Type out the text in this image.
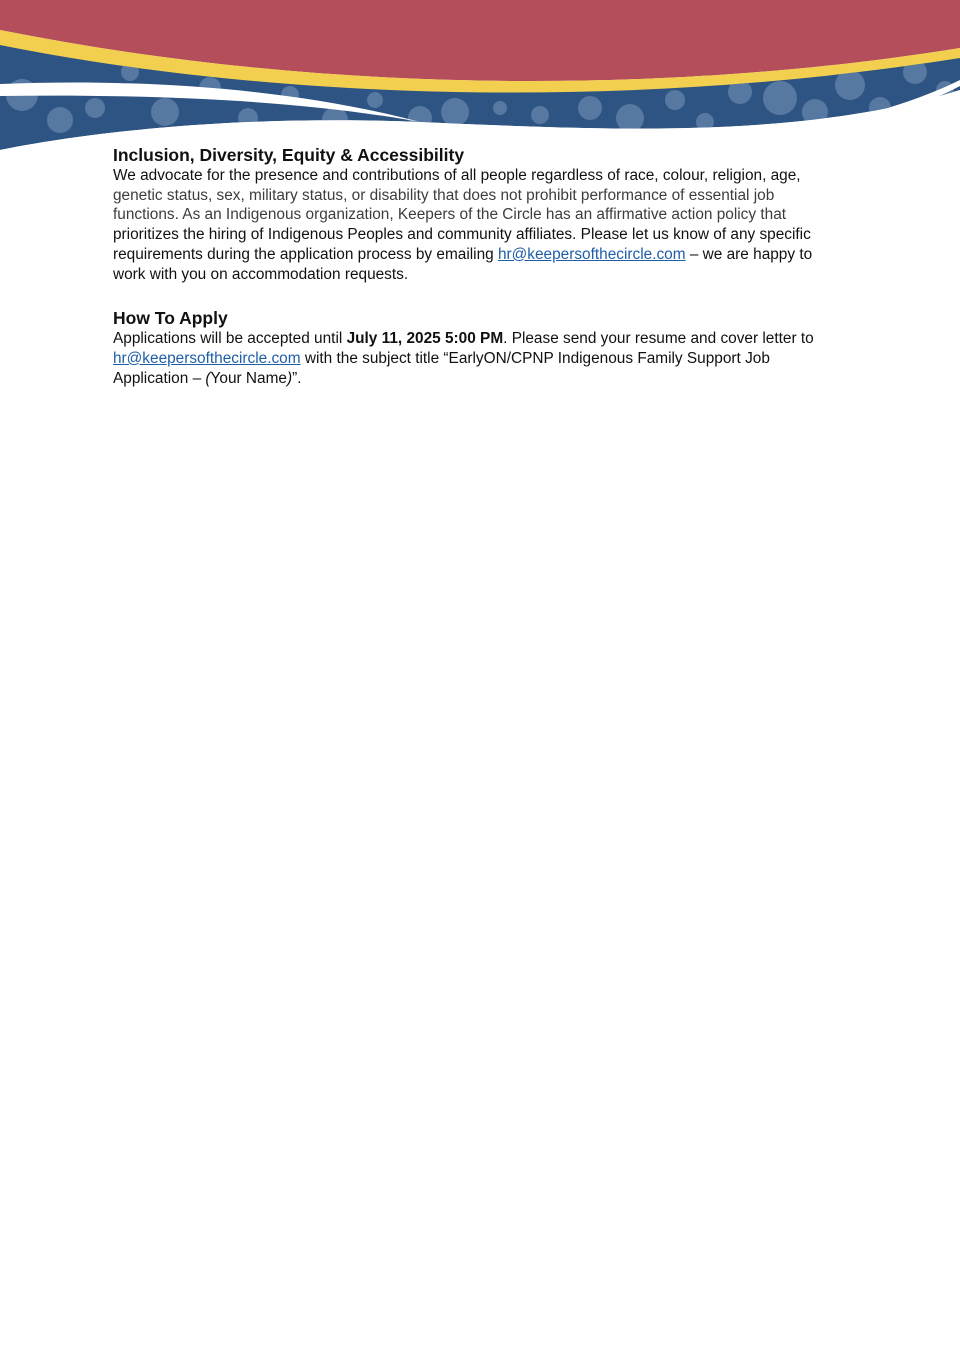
Inclusion, Diversity, Equity & Accessibility

We advocate for the presence and contributions of all people regardless of race, colour, religion, age,
genetic status, sex, military status, or disability that does not prohibit performance of essential job
functions. As an Indigenous organization, Keepers of the Circle has an affirmative action policy that
prioritizes the hiring of Indigenous Peoples and community affiliates. Please let us know of any specific
requirements during the application process by emailing hr@keepersofthecircle.com – we are happy to
work with you on accommodation requests.

How To Apply

Applications will be accepted until July 11, 2025 5:00 PM. Please send your resume and cover letter to
hr@keepersofthecircle.com with the subject title “EarlyON/CPNP Indigenous Family Support Job
Application – (Your Name)”.
